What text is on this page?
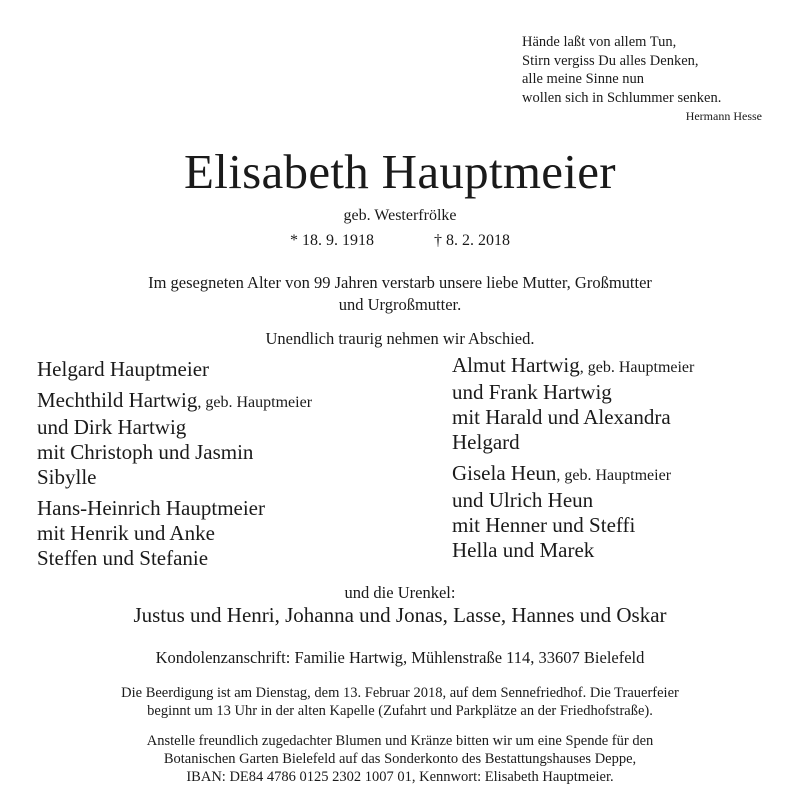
Hände laßt von allem Tun,
Stirn vergiss Du alles Denken,
alle meine Sinne nun
wollen sich in Schlummer senken.
Hermann Hesse
Elisabeth Hauptmeier
geb. Westerfrölke
* 18. 9. 1918	† 8. 2. 2018
Im gesegneten Alter von 99 Jahren verstarb unsere liebe Mutter, Großmutter
und Urgroßmutter.
Unendlich traurig nehmen wir Abschied.
Helgard Hauptmeier
Mechthild Hartwig, geb. Hauptmeier
und Dirk Hartwig
mit Christoph und Jasmin
Sibylle
Hans-Heinrich Hauptmeier
mit Henrik und Anke
Steffen und Stefanie
Almut Hartwig, geb. Hauptmeier
und Frank Hartwig
mit Harald und Alexandra
Helgard
Gisela Heun, geb. Hauptmeier
und Ulrich Heun
mit Henner und Steffi
Hella und Marek
und die Urenkel:
Justus und Henri, Johanna und Jonas, Lasse, Hannes und Oskar
Kondolenzanschrift: Familie Hartwig, Mühlenstraße 114, 33607 Bielefeld
Die Beerdigung ist am Dienstag, dem 13. Februar 2018, auf dem Sennefriedhof. Die Trauerfeier
beginnt um 13 Uhr in der alten Kapelle (Zufahrt und Parkplätze an der Friedhofstraße).
Anstelle freundlich zugedachter Blumen und Kränze bitten wir um eine Spende für den
Botanischen Garten Bielefeld auf das Sonderkonto des Bestattungshauses Deppe,
IBAN: DE84 4786 0125 2302 1007 01, Kennwort: Elisabeth Hauptmeier.
